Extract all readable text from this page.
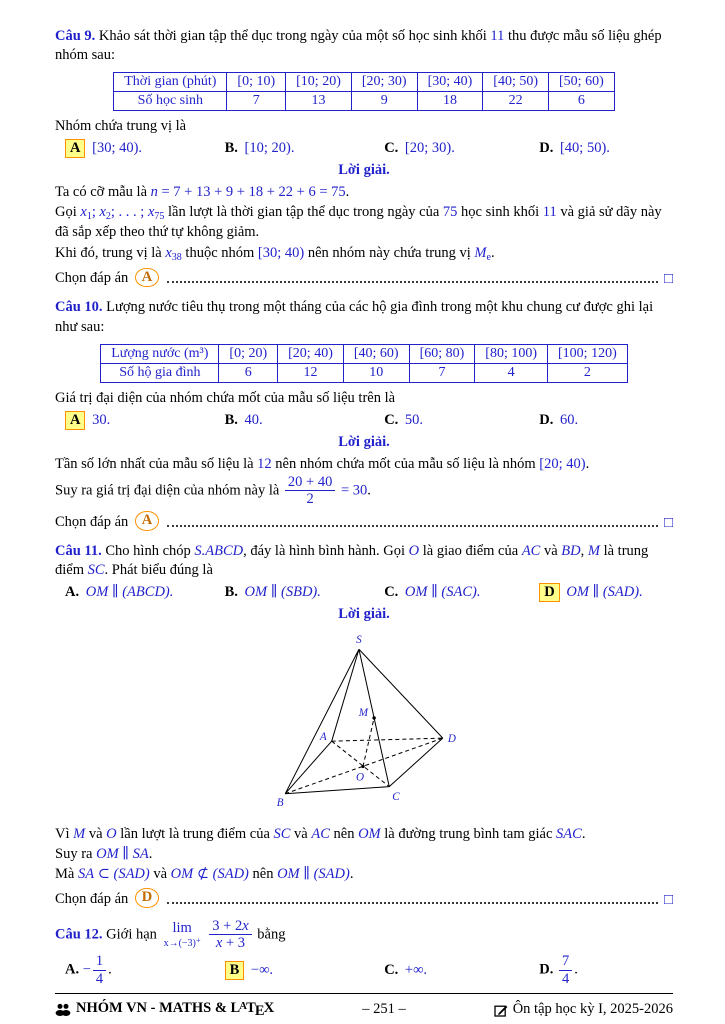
Câu 9. Khảo sát thời gian tập thể dục trong ngày của một số học sinh khối 11 thu được mẫu số liệu ghép nhóm sau:

Thời gian (phút)	[0; 10)	[10; 20)	[20; 30)	[30; 40)	[40; 50)	[50; 60)
Số học sinh	7	13	9	18	22	6

Nhóm chứa trung vị là

A [30; 40).	B. [10; 20).	C. [20; 30).	D. [40; 50).

Lời giải.

Ta có cỡ mẫu là n = 7 + 13 + 9 + 18 + 22 + 6 = 75.

Gọi $x_1$; $x_2$; . . . ; $x_{75}$ lần lượt là thời gian tập thể dục trong ngày của 75 học sinh khối 11 và giả sử dãy này đã sắp xếp theo thứ tự không giảm.

Khi đó, trung vị là $x_{38}$ thuộc nhóm [30; 40) nên nhóm này chứa trung vị $M_e$.

Chọn đáp án A	□

Câu 10. Lượng nước tiêu thụ trong một tháng của các hộ gia đình trong một khu chung cư được ghi lại như sau:

Lượng nước (m³)	[0; 20)	[20; 40)	[40; 60)	[60; 80)	[80; 100)	[100; 120)
Số hộ gia đình	6	12	10	7	4	2

Giá trị đại diện của nhóm chứa mốt của mẫu số liệu trên là

A 30.	B. 40.	C. 50.	D. 60.

Lời giải.

Tần số lớn nhất của mẫu số liệu là 12 nên nhóm chứa mốt của mẫu số liệu là nhóm [20; 40).

Suy ra giá trị đại diện của nhóm này là $\frac{20 + 40}{2} = 30$.

Chọn đáp án A	□

Câu 11. Cho hình chóp S.ABCD, đáy là hình bình hành. Gọi O là giao điểm của AC và BD, M là trung điểm SC. Phát biểu đúng là

A. OM ∥ (ABCD).	B. OM ∥ (SBD).	C. OM ∥ (SAC).	D OM ∥ (SAD).

Lời giải.

S
A
B
C
D
O
M

Vì M và O lần lượt là trung điểm của SC và AC nên OM là đường trung bình tam giác SAC.

Suy ra OM ∥ SA.

Mà SA ⊂ (SAD) và OM ⊄ (SAD) nên OM ∥ (SAD).

Chọn đáp án D	□

Câu 12. Giới hạn	lim
x→(−3)+
$\frac{3 + 2x}{x + 3}$ bằng

A. − $\frac{1}{4}$ .	B −∞.	C. +∞.	D. $\frac{7}{4}$ .
NHÓM VN - MATHS & $L^ATEX$	– 251 –	Ôn tập học kỳ I, 2025-2026
